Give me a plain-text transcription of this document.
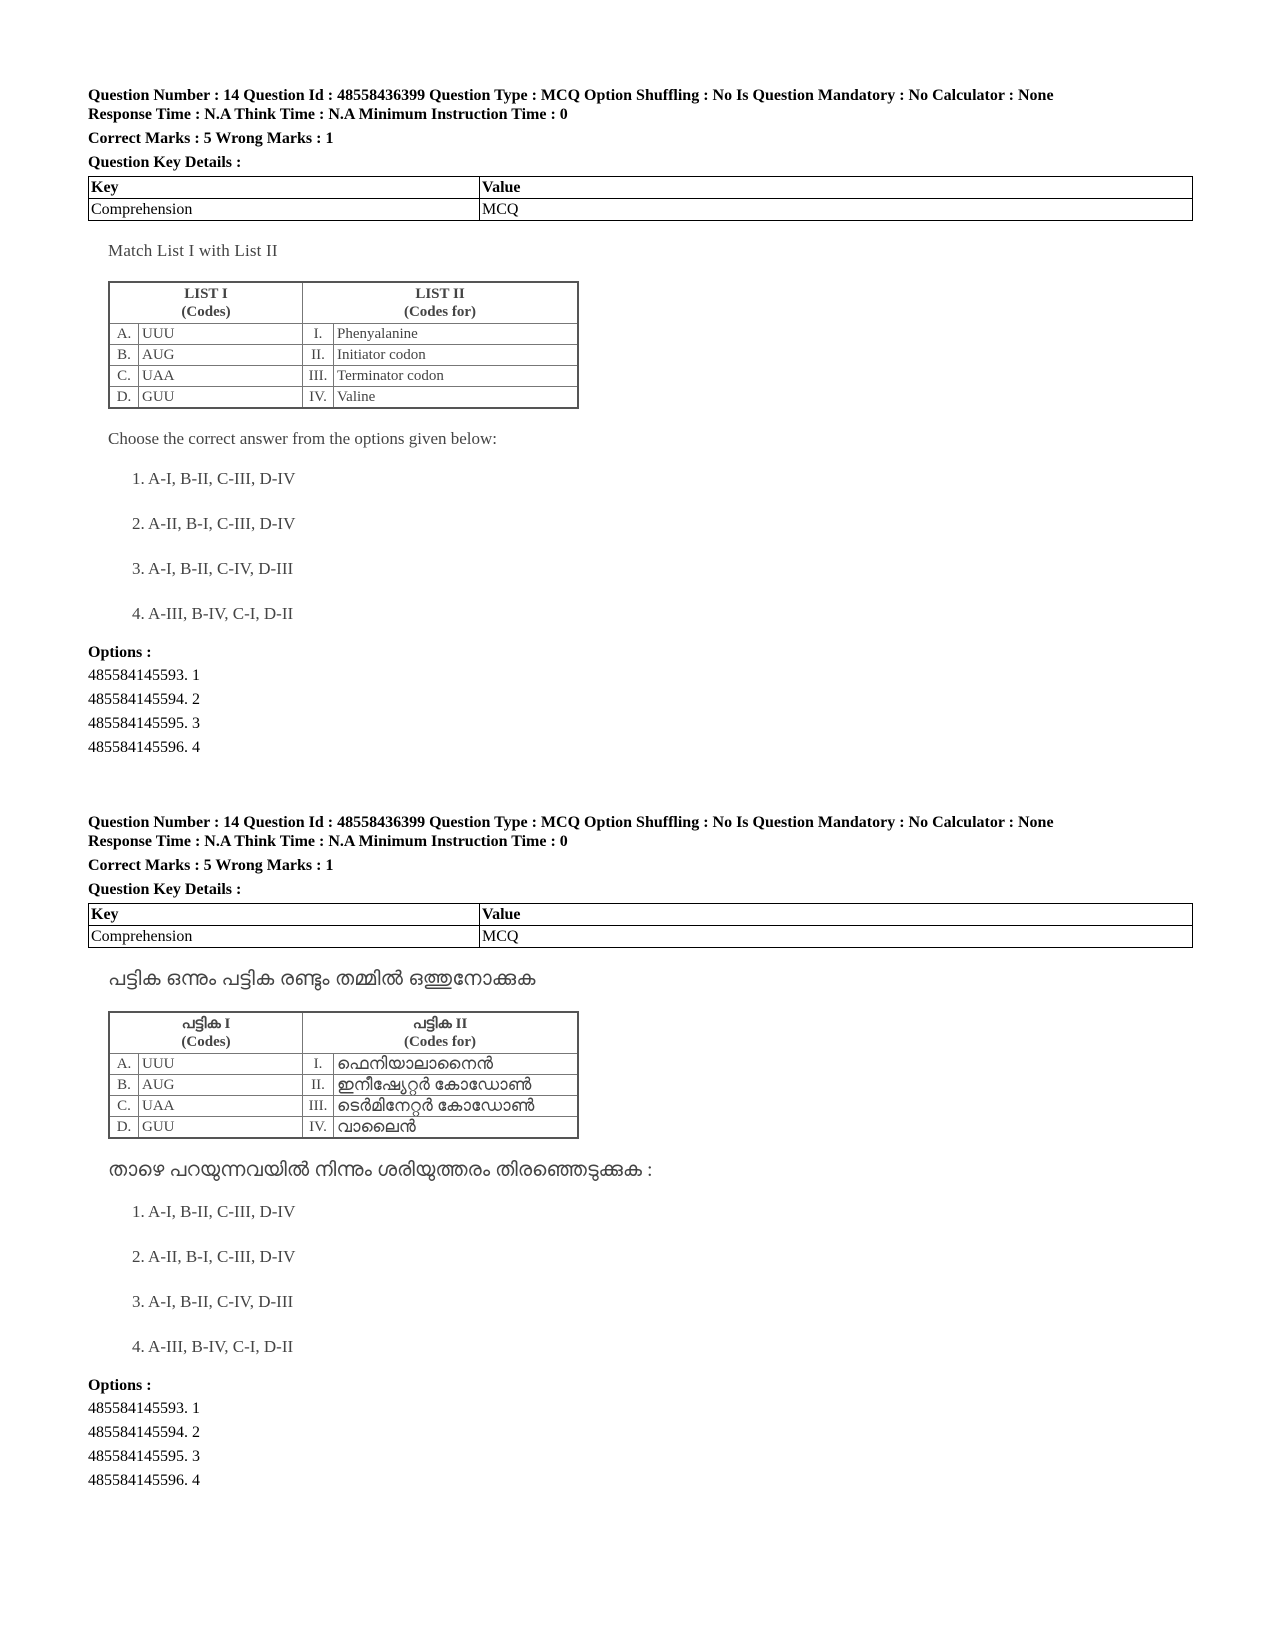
Question Number : 14 Question Id : 48558436399 Question Type : MCQ Option Shuffling : No Is Question Mandatory : No Calculator : None

Response Time : N.A Think Time : N.A Minimum Instruction Time : 0

Correct Marks : 5 Wrong Marks : 1

Question Key Details :

Key	Value
Comprehension	MCQ

Match List I with List II

LIST I
(Codes)		LIST II
(Codes for)	
A.	UUU	I.	Phenyalanine
B.	AUG	II.	Initiator codon
C.	UAA	III.	Terminator codon
D.	GUU	IV.	Valine

Choose the correct answer from the options given below:

1. A-I, B-II, C-III, D-IV
2. A-II, B-I, C-III, D-IV
3. A-I, B-II, C-IV, D-III
4. A-III, B-IV, C-I, D-II
Options :
485584145593. 1
485584145594. 2
485584145595. 3
485584145596. 4

Question Number : 14 Question Id : 48558436399 Question Type : MCQ Option Shuffling : No Is Question Mandatory : No Calculator : None

Response Time : N.A Think Time : N.A Minimum Instruction Time : 0

Correct Marks : 5 Wrong Marks : 1

Question Key Details :

Key	Value
Comprehension	MCQ

പട്ടിക ഒന്നും പട്ടിക രണ്ടും തമ്മിൽ ഒത്തുനോക്കുക

പട്ടിക I
(Codes)		പട്ടിക II
(Codes for)	
A.	UUU	I.	ഫെനിയാലാനൈൻ
B.	AUG	II.	ഇനീഷ്യേറ്റർ കോഡോൺ
C.	UAA	III.	ടെർമിനേറ്റർ കോഡോൺ
D.	GUU	IV.	വാലൈൻ

താഴെ പറയുന്നവയിൽ നിന്നും ശരിയുത്തരം തിരഞ്ഞെടുക്കുക :

1. A-I, B-II, C-III, D-IV
2. A-II, B-I, C-III, D-IV
3. A-I, B-II, C-IV, D-III
4. A-III, B-IV, C-I, D-II
Options :
485584145593. 1
485584145594. 2
485584145595. 3
485584145596. 4
